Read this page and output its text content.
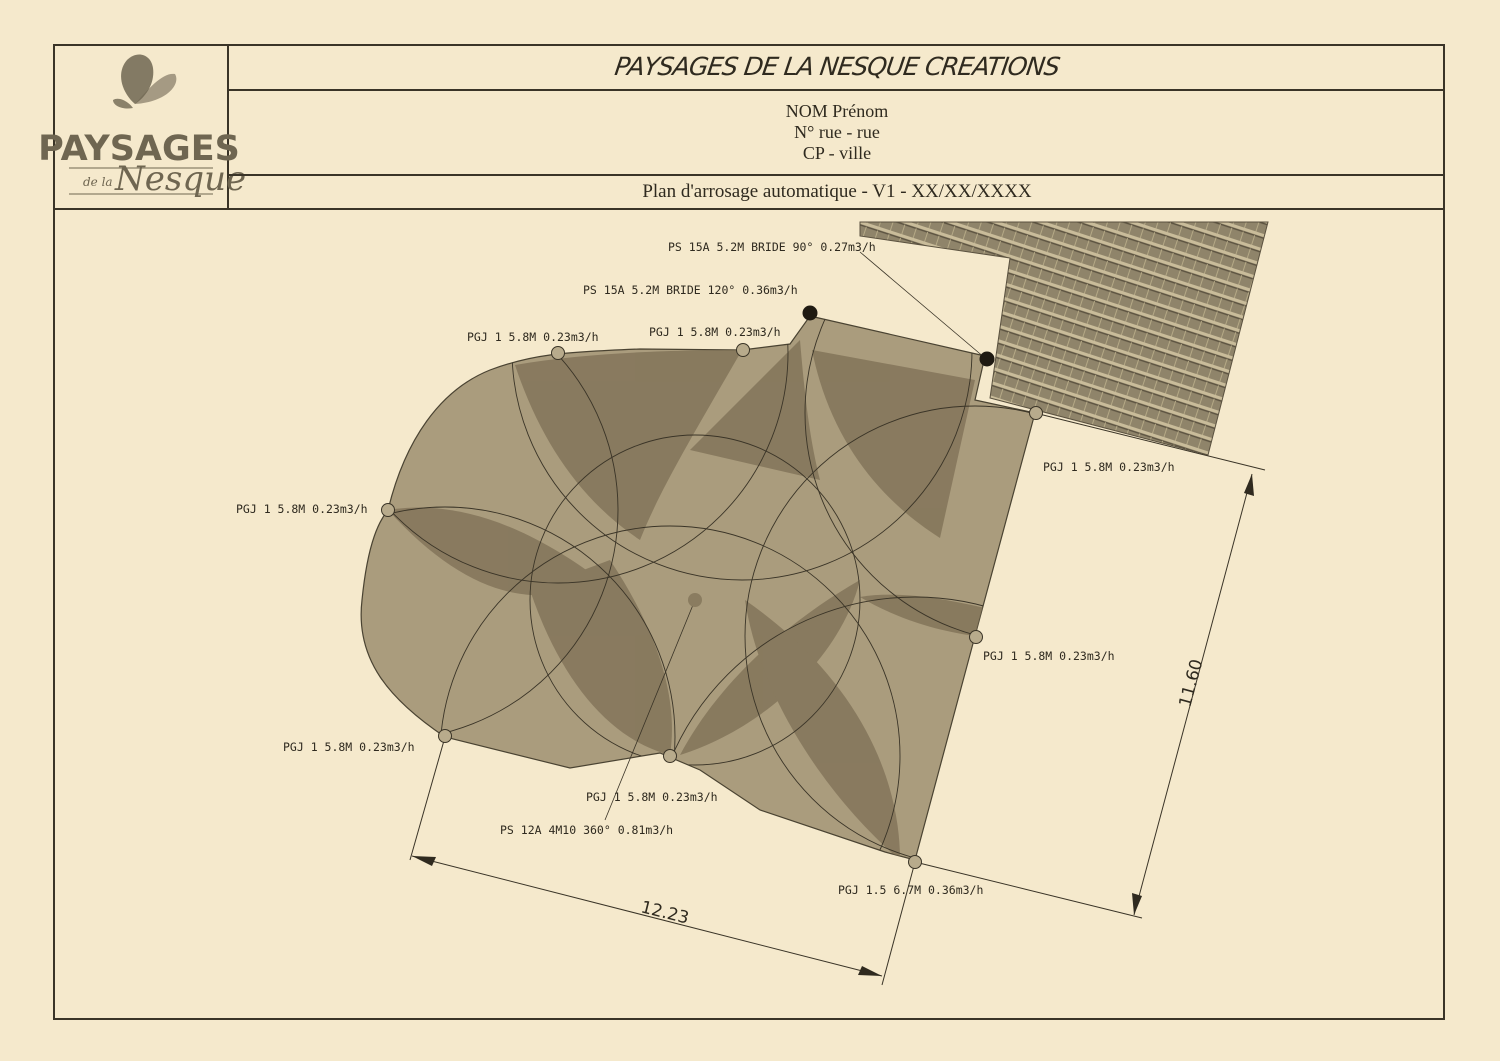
PAYSAGES
de la Nesque
PAYSAGES DE LA NESQUE CREATIONS
NOM Prénom
N° rue - rue
CP - ville
Plan d'arrosage automatique - V1 - XX/XX/XXXX
12.23
11.60
PS 15A 5.2M BRIDE 90° 0.27m3/h
PS 15A 5.2M BRIDE 120° 0.36m3/h
PGJ 1 5.8M 0.23m3/h	PGJ 1 5.8M 0.23m3/h
PGJ 1 5.8M 0.23m3/h
PGJ 1 5.8M 0.23m3/h
PGJ 1 5.8M 0.23m3/h
PGJ 1 5.8M 0.23m3/h
PGJ 1 5.8M 0.23m3/h
PS 12A 4M10 360° 0.81m3/h
PGJ 1.5 6.7M 0.36m3/h
